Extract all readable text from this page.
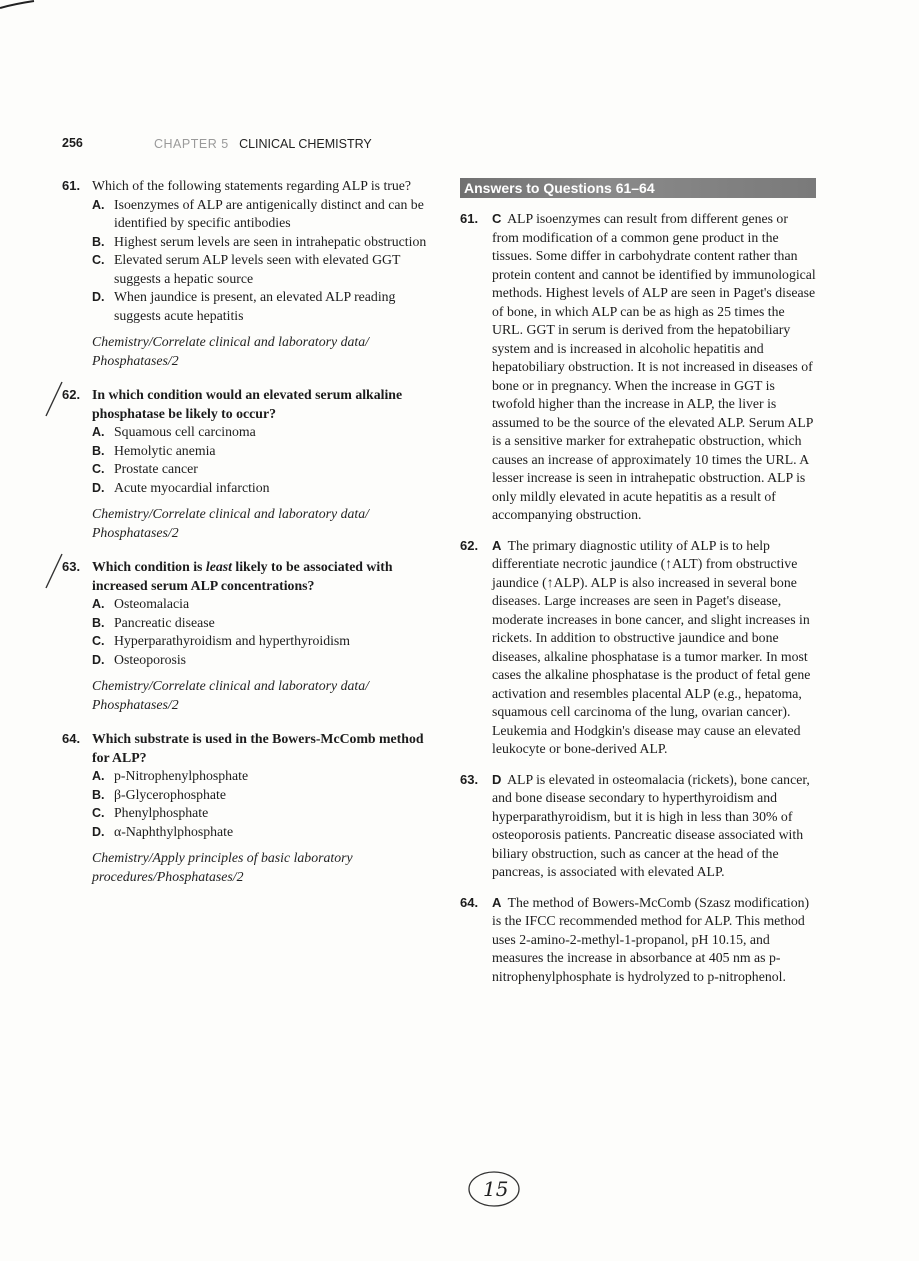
256	CHAPTER 5 CLINICAL CHEMISTRY
61. Which of the following statements regarding ALP is true?
A. Isoenzymes of ALP are antigenically distinct and can be identified by specific antibodies
B. Highest serum levels are seen in intrahepatic obstruction
C. Elevated serum ALP levels seen with elevated GGT suggests a hepatic source
D. When jaundice is present, an elevated ALP reading suggests acute hepatitis
Chemistry/Correlate clinical and laboratory data/ Phosphatases/2
62. In which condition would an elevated serum alkaline phosphatase be likely to occur?
A. Squamous cell carcinoma
B. Hemolytic anemia
C. Prostate cancer
D. Acute myocardial infarction
Chemistry/Correlate clinical and laboratory data/ Phosphatases/2
63. Which condition is least likely to be associated with increased serum ALP concentrations?
A. Osteomalacia
B. Pancreatic disease
C. Hyperparathyroidism and hyperthyroidism
D. Osteoporosis
Chemistry/Correlate clinical and laboratory data/ Phosphatases/2
64. Which substrate is used in the Bowers-McComb method for ALP?
A. p-Nitrophenylphosphate
B. β-Glycerophosphate
C. Phenylphosphate
D. α-Naphthylphosphate
Chemistry/Apply principles of basic laboratory procedures/Phosphatases/2
Answers to Questions 61–64
61. C ALP isoenzymes can result from different genes or from modification of a common gene product in the tissues. Some differ in carbohydrate content rather than protein content and cannot be identified by immunological methods. Highest levels of ALP are seen in Paget's disease of bone, in which ALP can be as high as 25 times the URL. GGT in serum is derived from the hepatobiliary system and is increased in alcoholic hepatitis and hepatobiliary obstruction. It is not increased in diseases of bone or in pregnancy. When the increase in GGT is twofold higher than the increase in ALP, the liver is assumed to be the source of the elevated ALP. Serum ALP is a sensitive marker for extrahepatic obstruction, which causes an increase of approximately 10 times the URL. A lesser increase is seen in intrahepatic obstruction. ALP is only mildly elevated in acute hepatitis as a result of accompanying obstruction.
62. A The primary diagnostic utility of ALP is to help differentiate necrotic jaundice (↑ALT) from obstructive jaundice (↑ALP). ALP is also increased in several bone diseases. Large increases are seen in Paget's disease, moderate increases in bone cancer, and slight increases in rickets. In addition to obstructive jaundice and bone diseases, alkaline phosphatase is a tumor marker. In most cases the alkaline phosphatase is the product of fetal gene activation and resembles placental ALP (e.g., hepatoma, squamous cell carcinoma of the lung, ovarian cancer). Leukemia and Hodgkin's disease may cause an elevated leukocyte or bone-derived ALP.
63. D ALP is elevated in osteomalacia (rickets), bone cancer, and bone disease secondary to hyperthyroidism and hyperparathyroidism, but it is high in less than 30% of osteoporosis patients. Pancreatic disease associated with biliary obstruction, such as cancer at the head of the pancreas, is associated with elevated ALP.
64. A The method of Bowers-McComb (Szasz modification) is the IFCC recommended method for ALP. This method uses 2-amino-2-methyl-1-propanol, pH 10.15, and measures the increase in absorbance at 405 nm as p-nitrophenylphosphate is hydrolyzed to p-nitrophenol.
15
